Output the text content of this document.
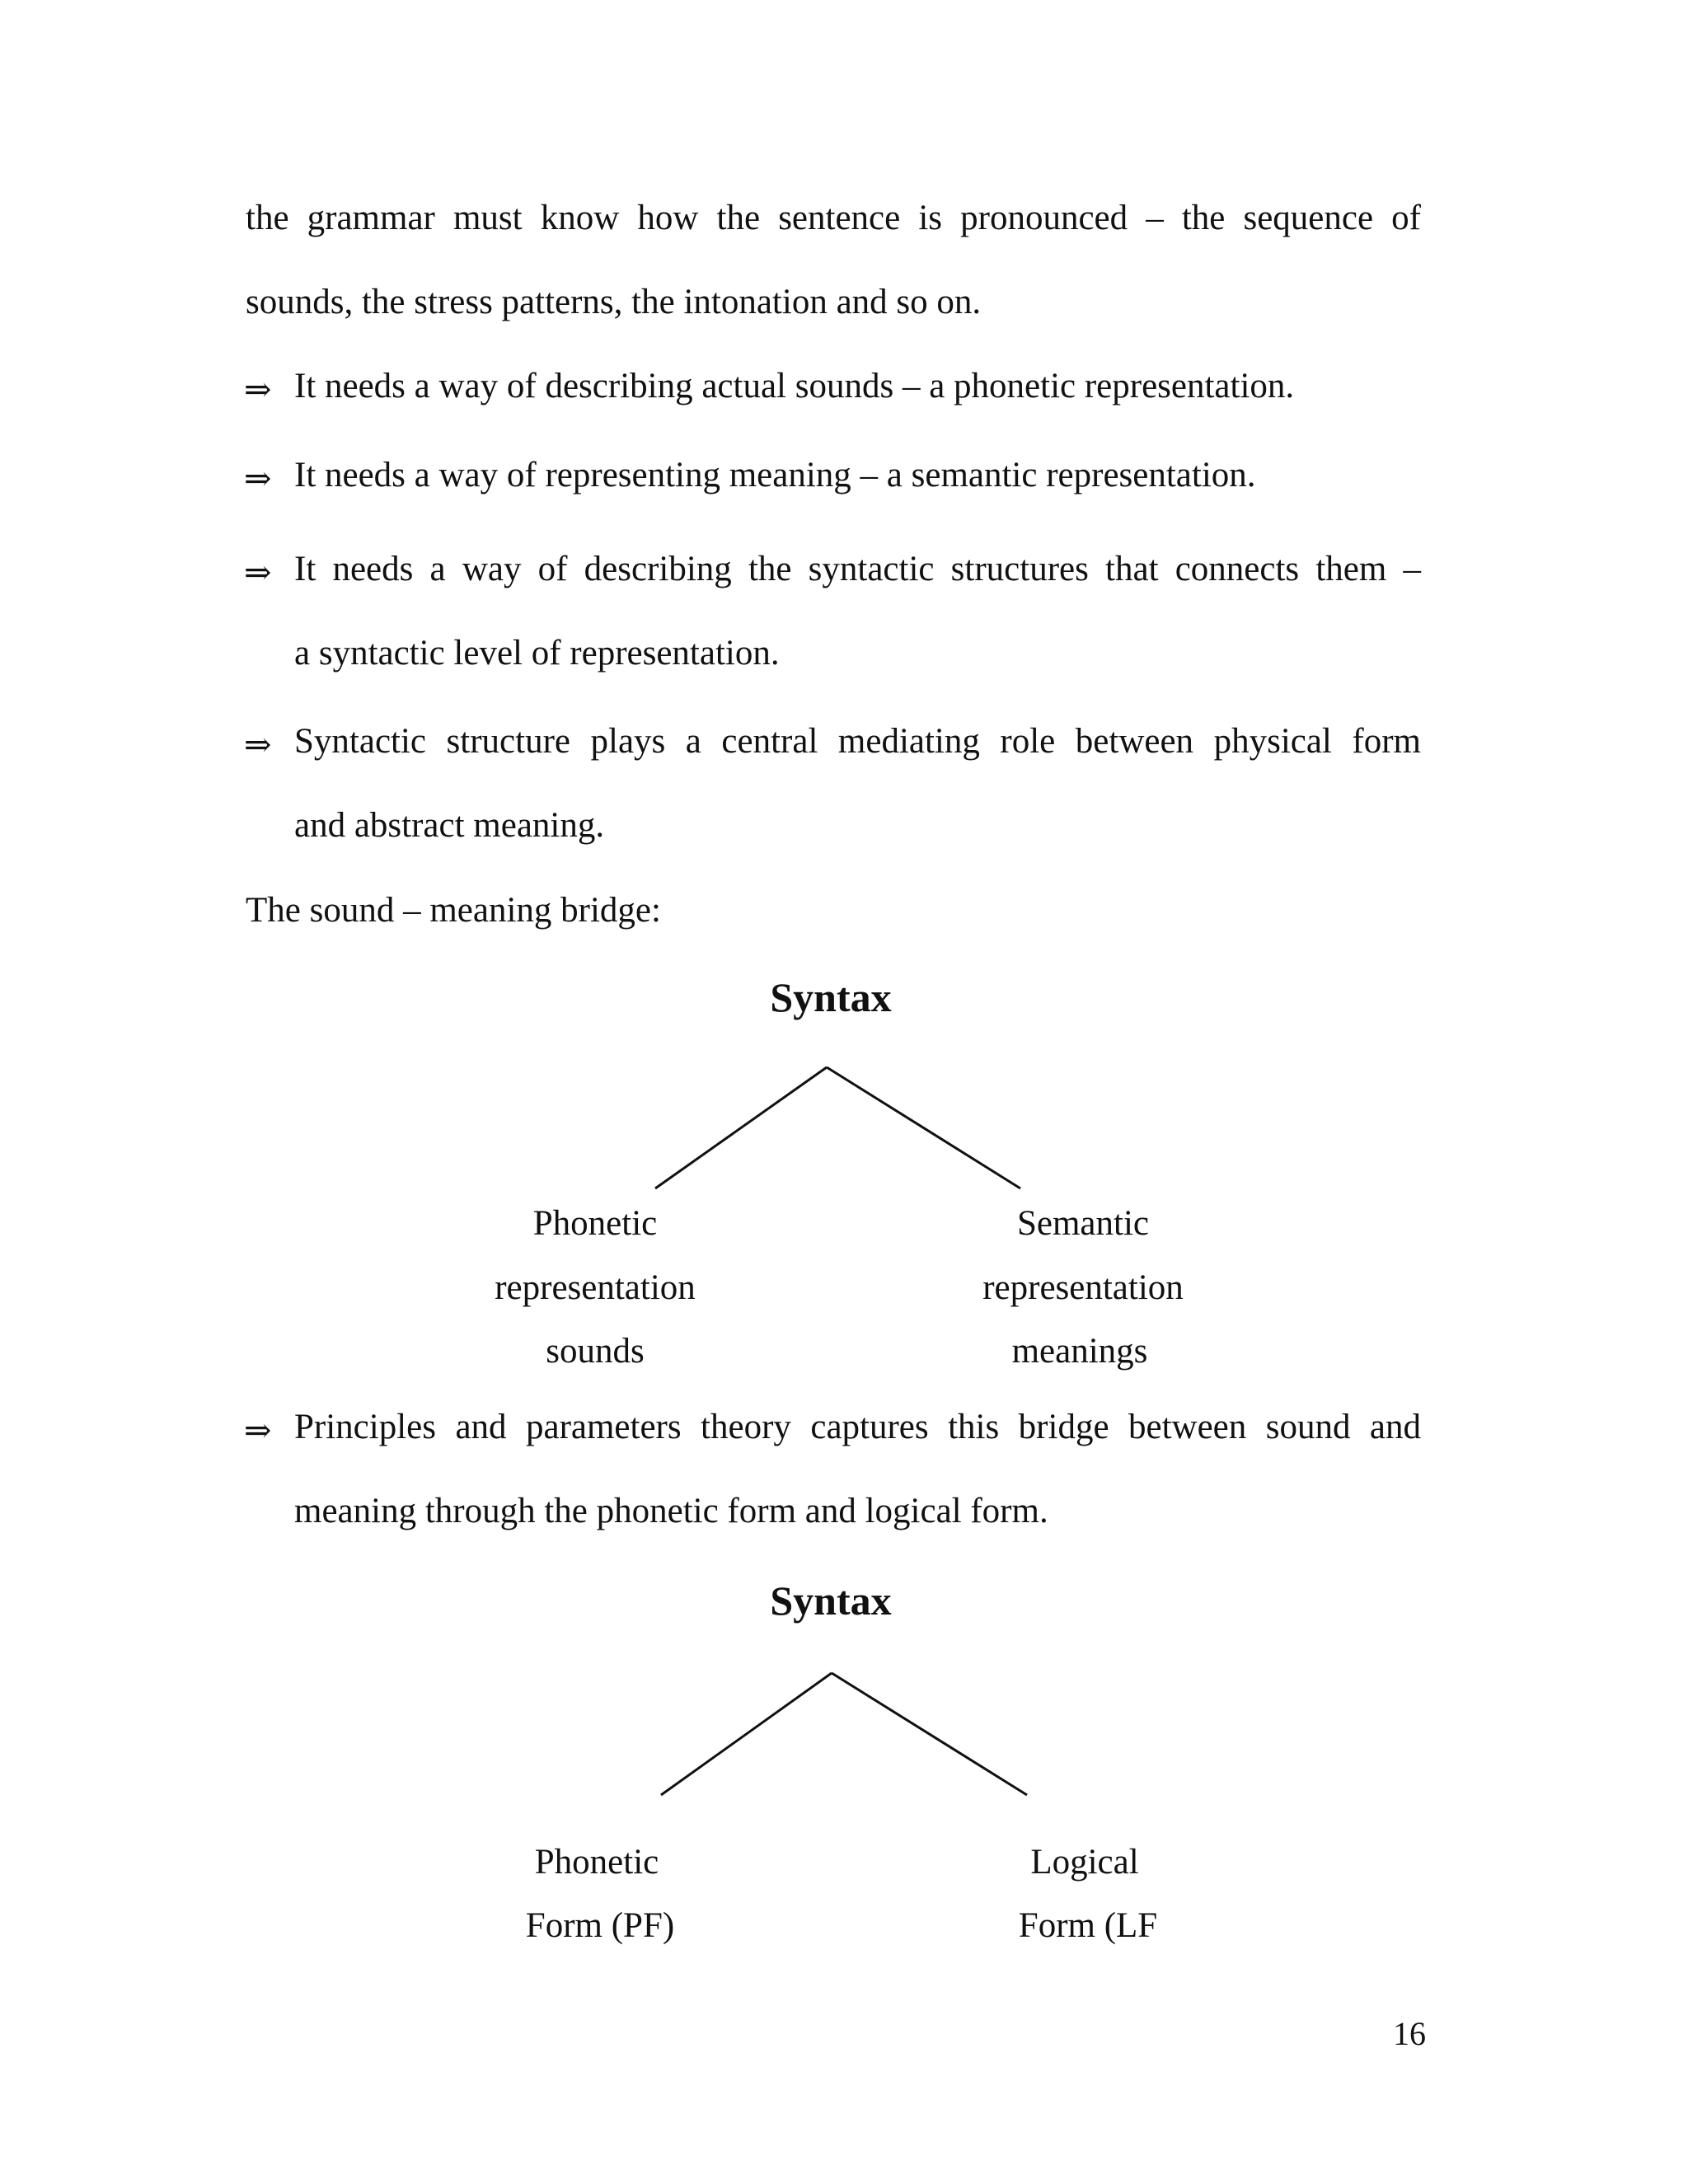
the grammar must know how the sentence is pronounced – the sequence of
sounds, the stress patterns, the intonation and so on.
⇒ It needs a way of describing actual sounds – a phonetic representation.
⇒ It needs a way of representing meaning – a semantic representation.
⇒ It needs a way of describing the syntactic structures that connects them –
a syntactic level of representation.
⇒ Syntactic structure plays a central mediating role between physical form
and abstract meaning.
The sound – meaning bridge:
Syntax
Phonetic
representation
sounds
Semantic
representation
meanings
⇒ Principles and parameters theory captures this bridge between sound and
meaning through the phonetic form and logical form.
Syntax
Phonetic
Form (PF)
Logical
Form (LF
16
